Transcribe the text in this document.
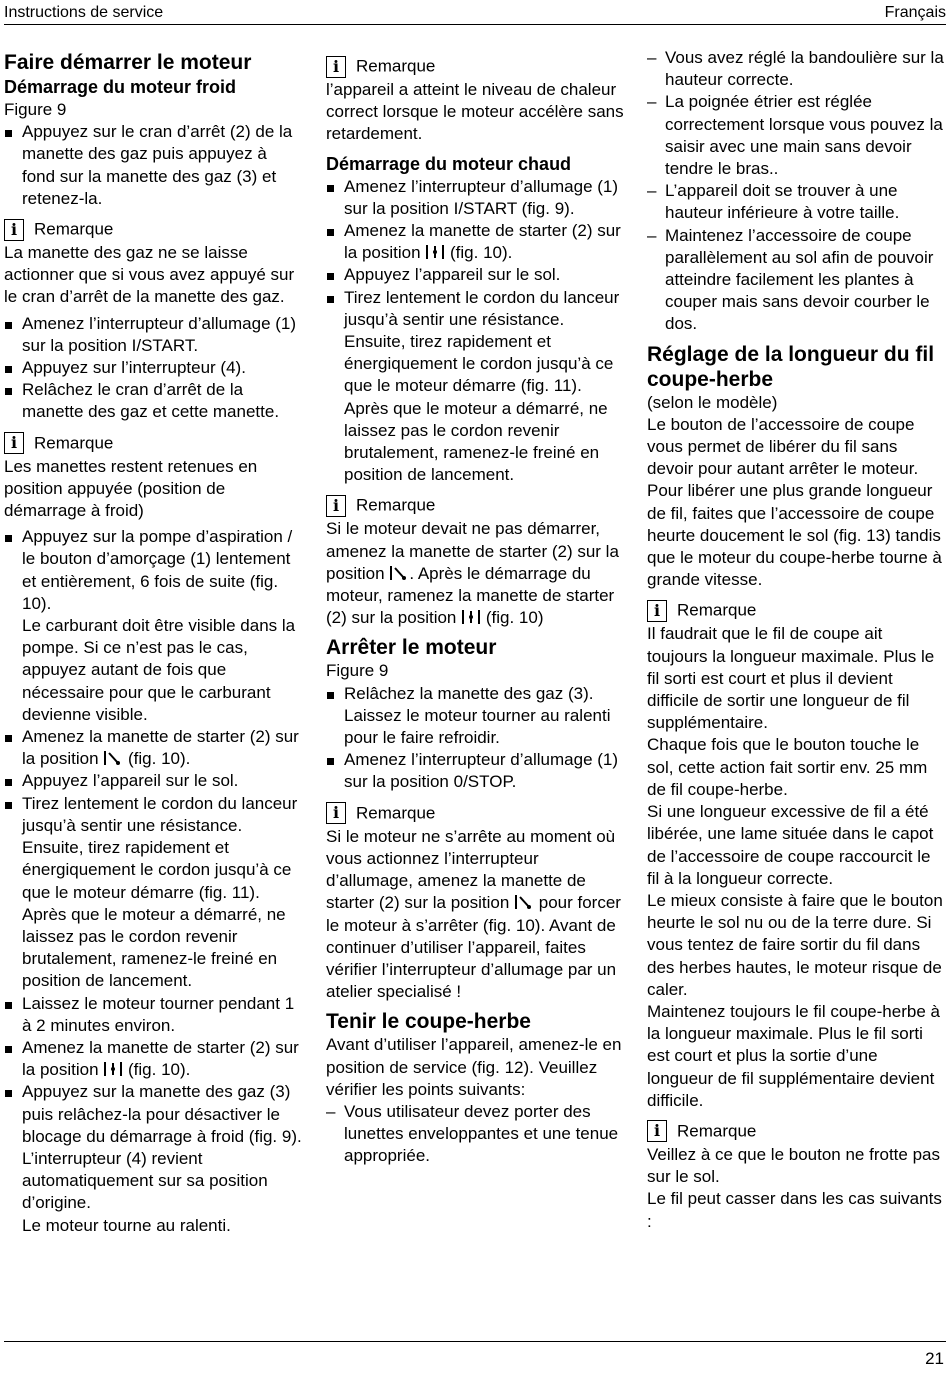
Instructions de service	Français

Faire démarrer le moteur

Démarrage du moteur froid

Figure 9

Appuyez sur le cran d’arrêt (2) de la manette des gaz puis appuyez à fond sur la manette des gaz (3) et retenez-la.

i Remarque

La manette des gaz ne se laisse actionner que si vous avez appuyé sur le cran d’arrêt de la manette des gaz.

Amenez l’interrupteur d’allumage (1) sur la position I/START.

Appuyez sur l’interrupteur (4).

Relâchez le cran d’arrêt de la manette des gaz et cette manette.

i Remarque

Les manettes restent retenues en position appuyée (position de démarrage à froid)

Appuyez sur la pompe d’aspiration / le bouton d’amorçage (1) lentement et entièrement, 6 fois de suite (fig. 10).

Le carburant doit être visible dans la pompe. Si ce n’est pas le cas, appuyez autant de fois que nécessaire pour que le carburant devienne visible.

Amenez la manette de starter (2) sur la position  (fig. 10).

Appuyez l’appareil sur le sol.

Tirez lentement le cordon du lanceur jusqu’à sentir une résistance. Ensuite, tirez rapidement et énergiquement le cordon jusqu’à ce que le moteur démarre (fig. 11).

Après que le moteur a démarré, ne laissez pas le cordon revenir brutalement, ramenez-le freiné en position de lancement.

Laissez le moteur tourner pendant 1 à 2 minutes environ.

Amenez la manette de starter (2) sur la position  (fig. 10).

Appuyez sur la manette des gaz (3) puis relâchez-la pour désactiver le blocage du démarrage à froid (fig. 9). L’interrupteur (4) revient automatiquement sur sa position d’origine.

Le moteur tourne au ralenti.

i Remarque

l’appareil a atteint le niveau de chaleur correct lorsque le moteur accélère sans retardement.

Démarrage du moteur chaud

Amenez l’interrupteur d’allumage (1) sur la position I/START (fig. 9).

Amenez la manette de starter (2) sur la position  (fig. 10).

Appuyez l’appareil sur le sol.

Tirez lentement le cordon du lanceur jusqu’à sentir une résistance.

Ensuite, tirez rapidement et énergiquement le cordon jusqu’à ce que le moteur démarre (fig. 11).

Après que le moteur a démarré, ne laissez pas le cordon revenir brutalement, ramenez-le freiné en position de lancement.

i Remarque

Si le moteur devait ne pas démarrer, amenez la manette de starter (2) sur la position . Après le démarrage du moteur, ramenez la manette de starter (2) sur la position  (fig. 10)

Arrêter le moteur

Figure 9

Relâchez la manette des gaz (3). Laissez le moteur tourner au ralenti pour le faire refroidir.

Amenez l’interrupteur d’allumage (1) sur la position 0/STOP.

i Remarque

Si le moteur ne s’arrête au moment où vous actionnez l’interrupteur d’allumage, amenez la manette de starter (2) sur la position  pour forcer le moteur à s’arrêter (fig. 10). Avant de continuer d’utiliser l’appareil, faites vérifier l’interrupteur d’allumage par un atelier specialisé !

Tenir le coupe-herbe

Avant d’utiliser l’appareil, amenez-le en position de service (fig. 12). Veuillez vérifier les points suivants:

– Vous utilisateur devez porter des lunettes enveloppantes et une tenue appropriée.

– Vous avez réglé la bandoulière sur la hauteur correcte.

– La poignée étrier est réglée correctement lorsque vous pouvez la saisir avec une main sans devoir tendre le bras..

– L’appareil doit se trouver à une hauteur inférieure à votre taille.

– Maintenez l’accessoire de coupe parallèlement au sol afin de pouvoir atteindre facilement les plantes à couper mais sans devoir courber le dos.

Réglage de la longueur du fil coupe-herbe

(selon le modèle)

Le bouton de l’accessoire de coupe vous permet de libérer du fil sans devoir pour autant arrêter le moteur. Pour libérer une plus grande longueur de fil, faites que l’accessoire de coupe heurte doucement le sol (fig. 13) tandis que le moteur du coupe-herbe tourne à grande vitesse.

i Remarque

Il faudrait que le fil de coupe ait toujours la longueur maximale. Plus le fil sorti est court et plus il devient difficile de sortir une longueur de fil supplémentaire.

Chaque fois que le bouton touche le sol, cette action fait sortir env. 25 mm de fil coupe-herbe.

Si une longueur excessive de fil a été libérée, une lame située dans le capot de l’accessoire de coupe raccourcit le fil à la longueur correcte.

Le mieux consiste à faire que le bouton heurte le sol nu ou de la terre dure. Si vous tentez de faire sortir du fil dans des herbes hautes, le moteur risque de caler.

Maintenez toujours le fil coupe-herbe à la longueur maximale. Plus le fil sorti est court et plus la sortie d’une longueur de fil supplémentaire devient difficile.

i Remarque

Veillez à ce que le bouton ne frotte pas sur le sol.

Le fil peut casser dans les cas suivants :

21
